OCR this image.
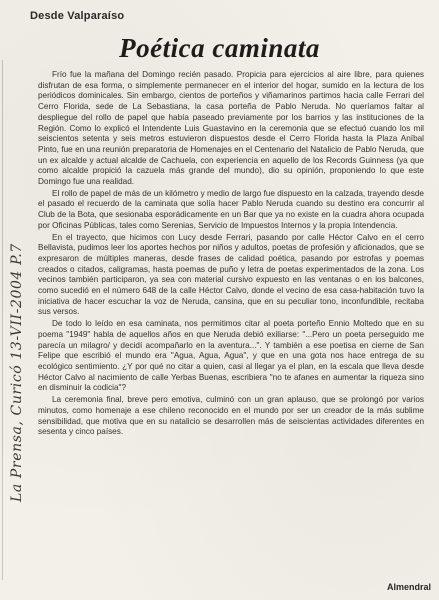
La Prensa, Curicó 13-VII-2004 P.7
Desde Valparaíso
Poética caminata

Frío fue la mañana del Domingo recién pasado. Propicia para ejercicios al aire libre, para quienes disfrutan de esa forma, o simplemente permanecer en el interior del hogar, sumido en la lectura de los periódicos dominicales. Sin embargo, cientos de porteños y viñamarinos partimos hacia calle Ferrari del Cerro Florida, sede de La Sebastiana, la casa porteña de Pablo Neruda. No queríamos faltar al despliegue del rollo de papel que había paseado previamente por los barrios y las instituciones de la Región. Como lo explicó el Intendente Luis Guastavino en la ceremonia que se efectuó cuando los mil seiscientos setenta y seis metros estuvieron dispuestos desde el Cerro Florida hasta la Plaza Aníbal Pinto, fue en una reunión preparatoria de Homenajes en el Centenario del Natalicio de Pablo Neruda, que un ex alcalde y actual alcalde de Cachuela, con experiencia en aquello de los Records Guinness (ya que como alcalde propició la cazuela más grande del mundo), dio su opinión, proponiendo lo que este Domingo fue una realidad.

El rollo de papel de más de un kilómetro y medio de largo fue dispuesto en la calzada, trayendo desde el pasado el recuerdo de la caminata que solía hacer Pablo Neruda cuando su destino era concurrir al Club de la Bota, que sesionaba esporádicamente en un Bar que ya no existe en la cuadra ahora ocupada por Oficinas Públicas, tales como Serenias, Servicio de Impuestos Internos y la propia Intendencia.

En el trayecto, que hicimos con Lucy desde Ferrari, pasando por calle Héctor Calvo en el cerro Bellavista, pudimos leer los aportes hechos por niños y adultos, poetas de profesión y aficionados, que se expresaron de múltiples maneras, desde frases de calidad poética, pasando por estrofas y poemas creados o citados, caligramas, hasta poemas de puño y letra de poetas experimentados de la zona. Los vecinos también participaron, ya sea con material cursivo expuesto en las ventanas o en los balcones, como sucedió en el número 648 de la calle Héctor Calvo, donde el vecino de esa casa-habitación tuvo la iniciativa de hacer escuchar la voz de Neruda, cansina, que en su peculiar tono, inconfundible, recitaba sus versos.

De todo lo leído en esa caminata, nos permitimos citar al poeta porteño Ennio Moltedo que en su poema "1949" habla de aquellos años en que Neruda debió exiliarse: "...Pero un poeta perseguido me parecía un milagro/ y decidí acompañarlo en la aventura...". Y también a ese poetisa en cierne de San Felipe que escribió el mundo era "Agua, Agua, Agua", y que en una gota nos hace entrega de su ecológico sentimiento. ¿Y por qué no citar a quien, casi al llegar ya el plan, en la escala que lleva desde Héctor Calvo al nacimiento de calle Yerbas Buenas, escribiera "no te afanes en aumentar la riqueza sino en disminuir la codicia"?

La ceremonia final, breve pero emotiva, culminó con un gran aplauso, que se prolongó por varios minutos, como homenaje a ese chileno reconocido en el mundo por ser un creador de la más sublime sensibilidad, que motiva que en su natalicio se desarrollen más de seiscientas actividades diferentes en sesenta y cinco países.

Almendral
